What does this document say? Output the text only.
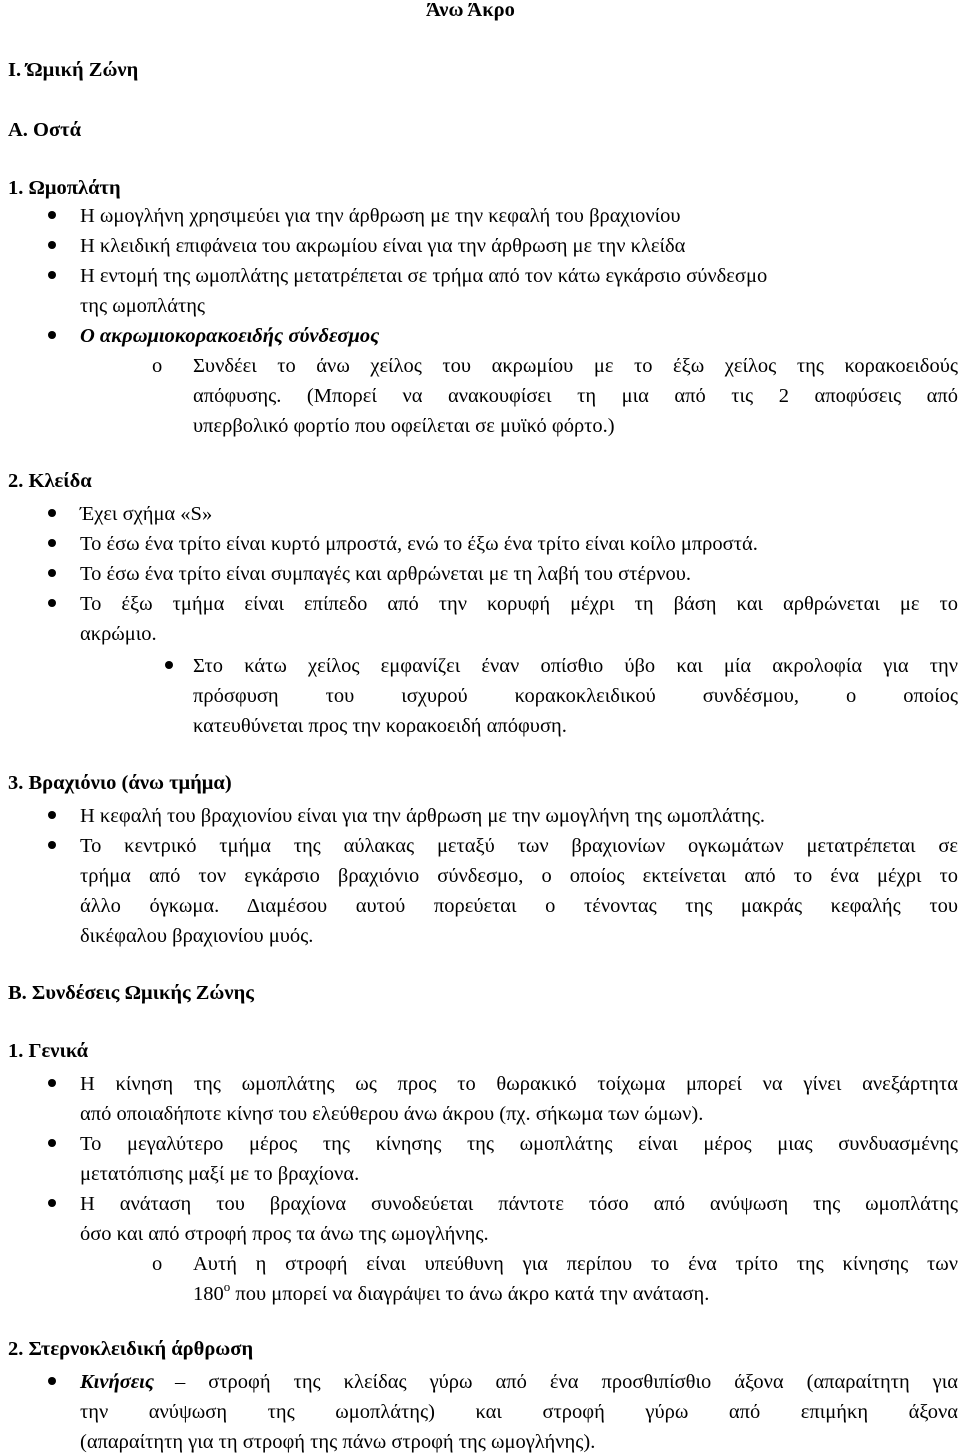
Άνω Άκρο
Ι. Ώμική Ζώνη
Α. Οστά
1. Ωμοπλάτη
Η ωμογλήνη χρησιμεύει για την άρθρωση με την κεφαλή του βραχιονίου
Η κλειδική επιφάνεια του ακρωμίου είναι για την άρθρωση με την κλείδα
Η εντομή της ωμοπλάτης μετατρέπεται σε τρήμα από τον κάτω εγκάρσιο σύνδεσμο
της ωμοπλάτης
Ο ακρωμιοκορακοειδής σύνδεσμος
o Συνδέει το άνω χείλος του ακρωμίου με το έξω χείλος της κορακοειδούς
απόφυσης. (Μπορεί να ανακουφίσει τη μια από τις 2 αποφύσεις από
υπερβολικό φορτίο που οφείλεται σε μυϊκό φόρτο.)
2. Κλείδα
Έχει σχήμα «S»
Το έσω ένα τρίτο είναι κυρτό μπροστά, ενώ το έξω ένα τρίτο είναι κοίλο μπροστά.
Το έσω ένα τρίτο είναι συμπαγές και αρθρώνεται με τη λαβή του στέρνου.
Το έξω τμήμα είναι επίπεδο από την κορυφή μέχρι τη βάση και αρθρώνεται με το
ακρώμιο.
Στο κάτω χείλος εμφανίζει έναν οπίσθιο ύβο και μία ακρολοφία για την
πρόσφυση του ισχυρού κορακοκλειδικού συνδέσμου, ο οποίος
κατευθύνεται προς την κορακοειδή απόφυση.
3. Βραχιόνιο (άνω τμήμα)
Η κεφαλή του βραχιονίου είναι για την άρθρωση με την ωμογλήνη της ωμοπλάτης.
Το κεντρικό τμήμα της αύλακας μεταξύ των βραχιονίων ογκωμάτων μετατρέπεται σε
τρήμα από τον εγκάρσιο βραχιόνιο σύνδεσμο, ο οποίος εκτείνεται από το ένα μέχρι το
άλλο όγκωμα. Διαμέσου αυτού πορεύεται ο τένοντας της μακράς κεφαλής του
δικέφαλου βραχιονίου μυός.
Β. Συνδέσεις Ωμικής Ζώνης
1. Γενικά
Η κίνηση της ωμοπλάτης ως προς το θωρακικό τοίχωμα μπορεί να γίνει ανεξάρτητα
από οποιαδήποτε κίνησ του ελεύθερου άνω άκρου (πχ. σήκωμα των ώμων).
Το μεγαλύτερο μέρος της κίνησης της ωμοπλάτης είναι μέρος μιας συνδυασμένης
μετατόπισης μαξί με το βραχίονα.
Η ανάταση του βραχίονα συνοδεύεται πάντοτε τόσο από ανύψωση της ωμοπλάτης
όσο και από στροφή προς τα άνω της ωμογλήνης.
o Αυτή η στροφή είναι υπεύθυνη για περίπου το ένα τρίτο της κίνησης των
180$^o$ που μπορεί να διαγράψει το άνω άκρο κατά την ανάταση.
2. Στερνοκλειδική άρθρωση
Κινήσεις – στροφή της κλείδας γύρω από ένα προσθιπίσθιο άξονα (απαραίτητη για
την ανύψωση της ωμοπλάτης) και στροφή γύρω από επιμήκη άξονα
(απαραίτητη για τη στροφή της πάνω στροφή της ωμογλήνης).
